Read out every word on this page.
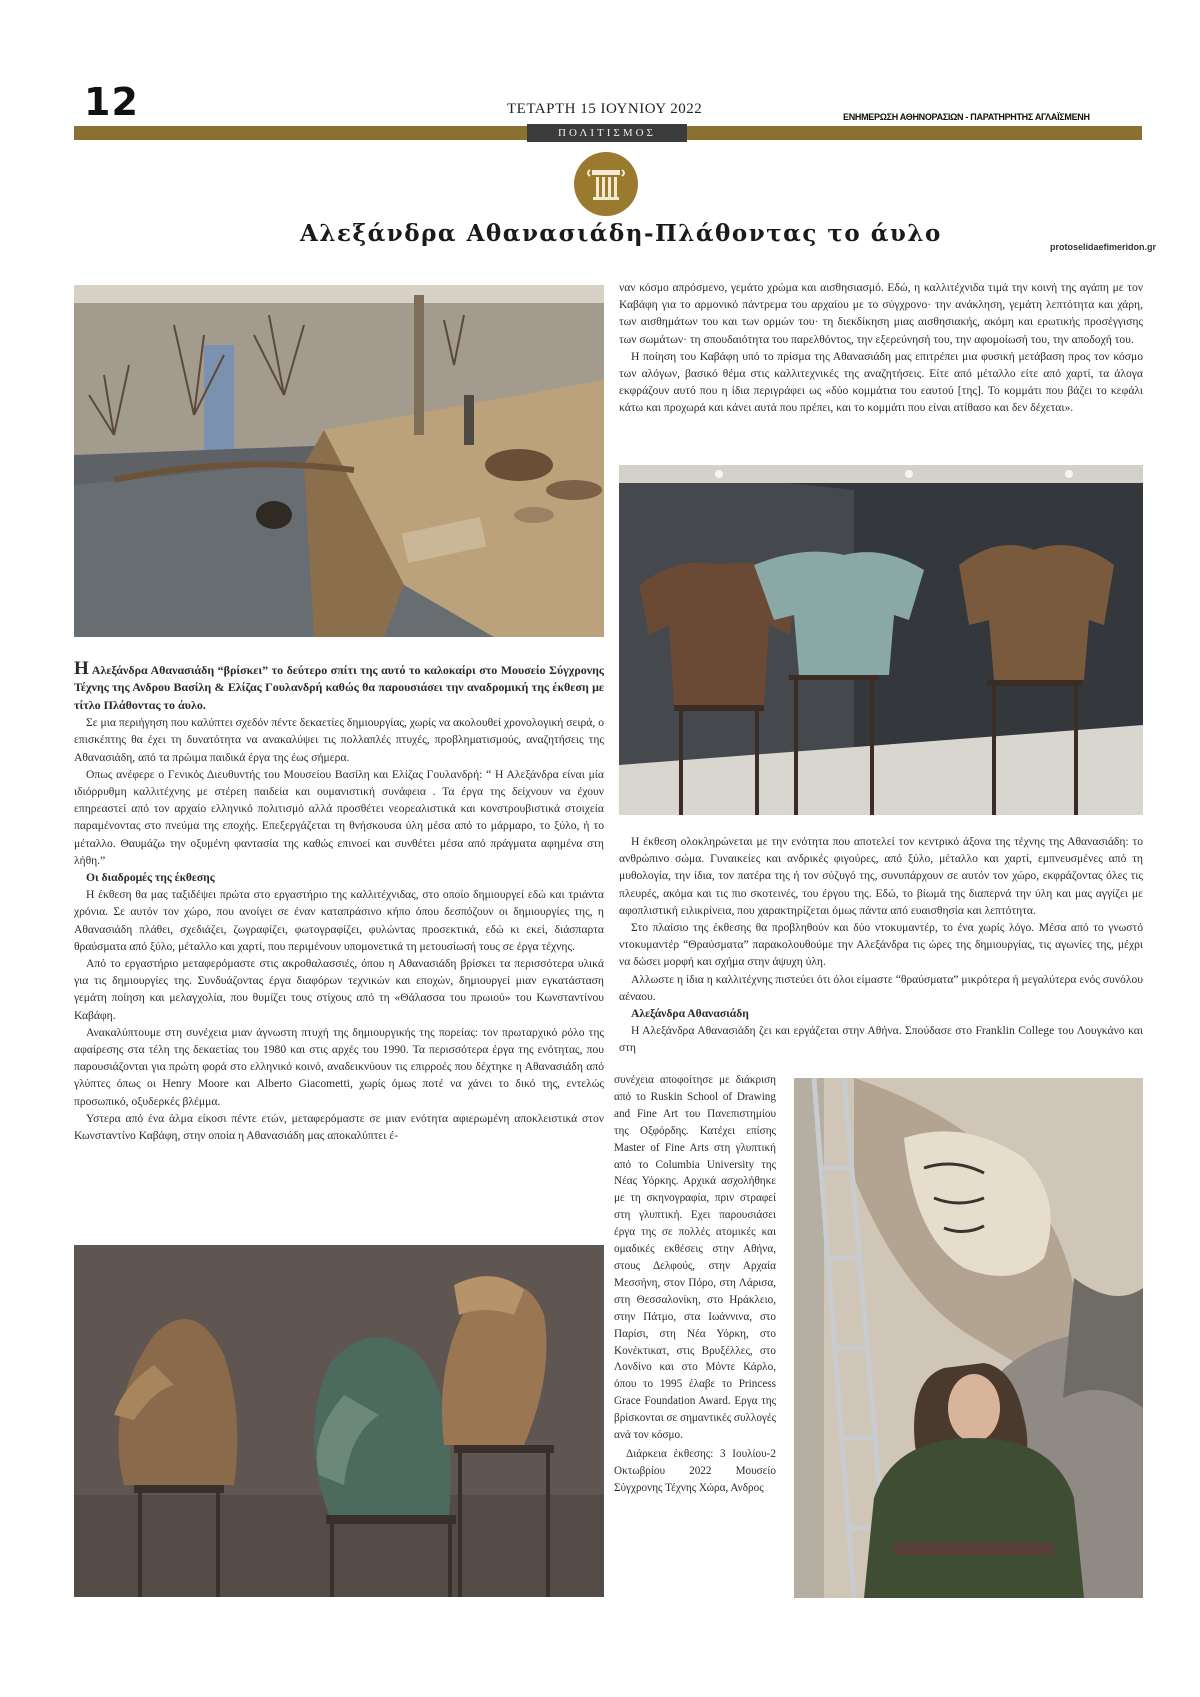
12	ΤΕΤΑΡΤΗ 15 ΙΟΥΝΙΟΥ 2022	ΕΝΗΜΕΡΩΣΗ ΑΘΗΝΟΡΑΣΙΩΝ - ΠΑΡΑΤΗΡΗΤΗΣ ΑΓΛΑΪΣΜΕΝΗ
ΠΟΛΙΤΙΣΜΟΣ
Αλεξάνδρα Αθανασιάδη-Πλάθοντας το άυλο	protoselidaefimeridon.gr

Η Αλεξάνδρα Αθανασιάδη “βρίσκει” το δεύτερο σπίτι της αυτό το καλοκαίρι στο Μουσείο Σύγχρονης Τέχνης της Ανδρου Βασίλη & Ελίζας Γουλανδρή καθώς θα παρουσιάσει την αναδρομική της έκθεση με τίτλο Πλάθοντας το άυλο.

Σε μια περιήγηση που καλύπτει σχεδόν πέντε δεκαετίες δημιουργίας, χωρίς να ακολουθεί χρονολογική σειρά, ο επισκέπτης θα έχει τη δυνατότητα να ανακαλύψει τις πολλαπλές πτυχές, προβληματισμούς, αναζητήσεις της Αθανασιάδη, από τα πρώιμα παιδικά έργα της έως σήμερα.

Οπως ανέφερε ο Γενικός Διευθυντής του Μουσείου Βασίλη και Ελίζας Γουλανδρή: “ Η Αλεξάνδρα είναι μία ιδιόρρυθμη καλλιτέχνης με στέρεη παιδεία και ουμανιστική συνάφεια . Τα έργα της δείχνουν να έχουν επηρεαστεί από τον αρχαίο ελληνικό πολιτισμό αλλά προσθέτει νεορεαλιστικά και κονστρουβιστικά στοιχεία παραμένοντας στο πνεύμα της εποχής. Επεξεργάζεται τη θνήσκουσα ύλη μέσα από το μάρμαρο, το ξύλο, ή το μέταλλο. Θαυμάζω την οξυμένη φαντασία της καθώς επινοεί και συνθέτει μέσα από πράγματα αφημένα στη λήθη.”

Οι διαδρομές της έκθεσης

Η έκθεση θα μας ταξιδέψει πρώτα στο εργαστήριο της καλλιτέχνιδας, στο οποίο δημιουργεί εδώ και τριάντα χρόνια. Σε αυτόν τον χώρο, που ανοίγει σε έναν καταπράσινο κήπο όπου δεσπόζουν οι δημιουργίες της, η Αθανασιάδη πλάθει, σχεδιάζει, ζωγραφίζει, φωτογραφίζει, φυλώντας προσεκτικά, εδώ κι εκεί, διάσπαρτα θραύσματα από ξύλο, μέταλλο και χαρτί, που περιμένουν υπομονετικά τη μετουσίωσή τους σε έργα τέχνης.

Από το εργαστήριο μεταφερόμαστε στις ακροθαλασσιές, όπου η Αθανασιάδη βρίσκει τα περισσότερα υλικά για τις δημιουργίες της. Συνδυάζοντας έργα διαφόρων τεχνικών και εποχών, δημιουργεί μιαν εγκατάσταση γεμάτη ποίηση και μελαγχολία, που θυμίζει τους στίχους από τη «Θάλασσα του πρωιού» του Κωνσταντίνου Καβάφη.

Ανακαλύπτουμε στη συνέχεια μιαν άγνωστη πτυχή της δημιουργικής της πορείας: τον πρωταρχικό ρόλο της αφαίρεσης στα τέλη της δεκαετίας του 1980 και στις αρχές του 1990. Τα περισσότερα έργα της ενότητας, που παρουσιάζονται για πρώτη φορά στο ελληνικό κοινό, αναδεικνύουν τις επιρροές που δέχτηκε η Αθανασιάδη από γλύπτες όπως οι Henry Moore και Alberto Giacometti, χωρίς όμως ποτέ να χάνει το δικό της, εντελώς προσωπικό, οξυδερκές βλέμμα.

Υστερα από ένα άλμα είκοσι πέντε ετών, μεταφερόμαστε σε μιαν ενότητα αφιερωμένη αποκλειστικά στον Κωνσταντίνο Καβάφη, στην οποία η Αθανασιάδη μας αποκαλύπτει έ-

ναν κόσμο απρόσμενο, γεμάτο χρώμα και αισθησιασμό. Εδώ, η καλλιτέχνιδα τιμά την κοινή της αγάπη με τον Καβάφη για το αρμονικό πάντρεμα του αρχαίου με το σύγχρονο· την ανάκληση, γεμάτη λεπτότητα και χάρη, των αισθημάτων του και των ορμών του· τη διεκδίκηση μιας αισθησιακής, ακόμη και ερωτικής προσέγγισης των σωμάτων· τη σπουδαιότητα του παρελθόντος, την εξερεύνησή του, την αφομοίωσή του, την αποδοχή του.

Η ποίηση του Καβάφη υπό το πρίσμα της Αθανασιάδη μας επιτρέπει μια φυσική μετάβαση προς τον κόσμο των αλόγων, βασικό θέμα στις καλλιτεχνικές της αναζητήσεις. Είτε από μέταλλο είτε από χαρτί, τα άλογα εκφράζουν αυτό που η ίδια περιγράφει ως «δύο κομμάτια του εαυτού [της]. Το κομμάτι που βάζει το κεφάλι κάτω και προχωρά και κάνει αυτά που πρέπει, και το κομμάτι που είναι ατίθασο και δεν δέχεται».

Η έκθεση ολοκληρώνεται με την ενότητα που αποτελεί τον κεντρικό άξονα της τέχνης της Αθανασιάδη: το ανθρώπινο σώμα. Γυναικείες και ανδρικές φιγούρες, από ξύλο, μέταλλο και χαρτί, εμπνευσμένες από τη μυθολογία, την ίδια, τον πατέρα της ή τον σύζυγό της, συνυπάρχουν σε αυτόν τον χώρο, εκφράζοντας όλες τις πλευρές, ακόμα και τις πιο σκοτεινές, του έργου της. Εδώ, το βίωμά της διαπερνά την ύλη και μας αγγίζει με αφοπλιστική ειλικρίνεια, που χαρακτηρίζεται όμως πάντα από ευαισθησία και λεπτότητα.

Στο πλαίσιο της έκθεσης θα προβληθούν και δύο ντοκυμαντέρ, το ένα χωρίς λόγο. Μέσα από το γνωστό ντοκυμαντέρ “Θραύσματα” παρακολουθούμε την Αλεξάνδρα τις ώρες της δημιουργίας, τις αγωνίες της, μέχρι να δώσει μορφή και σχήμα στην άψυχη ύλη.

Αλλωστε η ίδια η καλλιτέχνης πιστεύει ότι όλοι είμαστε “θραύσματα” μικρότερα ή μεγαλύτερα ενός συνόλου αέναου.

Αλεξάνδρα Αθανασιάδη

Η Αλεξάνδρα Αθανασιάδη ζει και εργάζεται στην Αθήνα. Σπούδασε στο Franklin College του Λουγκάνο και στη

συνέχεια αποφοίτησε με διάκριση από το Ruskin School of Drawing and Fine Art του Πανεπιστημίου της Οξφόρδης. Κατέχει επίσης Master of Fine Arts στη γλυπτική από το Columbia University της Νέας Υόρκης. Αρχικά ασχολήθηκε με τη σκηνογραφία, πριν στραφεί στη γλυπτική. Εχει παρουσιάσει έργα της σε πολλές ατομικές και ομαδικές εκθέσεις στην Αθήνα, στους Δελφούς, στην Αρχαία Μεσσήνη, στον Πόρο, στη Λάρισα, στη Θεσσαλονίκη, στο Ηράκλειο, στην Πάτμο, στα Ιωάννινα, στο Παρίσι, στη Νέα Υόρκη, στο Κονέκτικατ, στις Βρυξέλλες, στο Λονδίνο και στο Μόντε Κάρλο, όπου το 1995 έλαβε το Princess Grace Foundation Award. Εργα της βρίσκονται σε σημαντικές συλλογές ανά τον κόσμο.

Διάρκεια έκθεσης: 3 Ιουλίου-2 Οκτωβρίου 2022 Μουσείο Σύγχρονης Τέχνης Χώρα, Ανδρος
